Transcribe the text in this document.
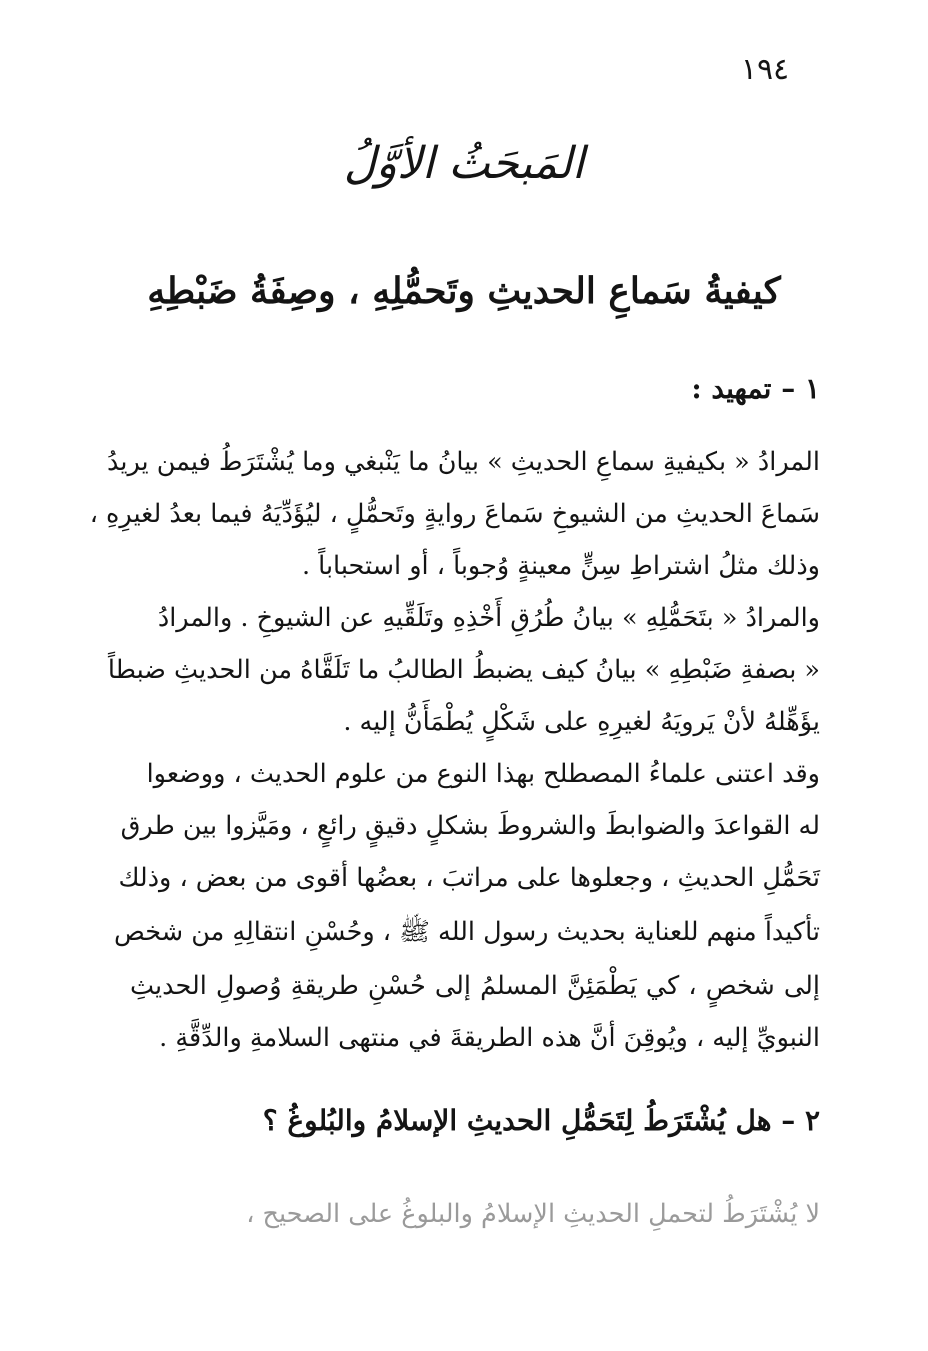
١٩٤
المَبحَثُ الأوَّلُ
كيفيةُ سَماعِ الحديثِ وتَحمُّلِهِ ، وصِفَةُ ضَبْطِهِ
١ – تمهيد :
المرادُ « بكيفيةِ سماعِ الحديثِ » بيانُ ما يَنْبغي وما يُشْتَرَطُ فيمن يريدُ
سَماعَ الحديثِ من الشيوخِ سَماعَ روايةٍ وتَحمُّلٍ ، ليُؤَدِّيَهُ فيما بعدُ لغيرِهِ ،
وذلك مثلُ اشتراطِ سِنٍّ معينةٍ وُجوباً ، أو استحباباً .
والمرادُ « بتَحَمُّلِهِ » بيانُ طُرُقِ أَخْذِهِ وتَلَقِّيهِ عن الشيوخِ . والمرادُ
« بصفةِ ضَبْطِهِ » بيانُ كيف يضبطُ الطالبُ ما تَلَقَّاهُ من الحديثِ ضبطاً
يؤَهِّلهُ لأنْ يَرويَهُ لغيرِهِ على شَكْلٍ يُطْمَأَنُّ إليه .
وقد اعتنى علماءُ المصطلح بهذا النوع من علوم الحديث ، ووضعوا
له القواعدَ والضوابطَ والشروطَ بشكلٍ دقيقٍ رائعٍ ، ومَيَّزوا بين طرق
تَحَمُّلِ الحديثِ ، وجعلوها على مراتبَ ، بعضُها أقوى من بعض ، وذلك
تأكيداً منهم للعناية بحديث رسول الله ﷺ ، وحُسْنِ انتقالِهِ من شخص
إلى شخصٍ ، كي يَطْمَئِنَّ المسلمُ إلى حُسْنِ طريقةِ وُصولِ الحديثِ
النبويِّ إليه ، ويُوقِنَ أنَّ هذه الطريقةَ في منتهى السلامةِ والدِّقَّةِ .
٢ – هل يُشْتَرَطُ لِتَحَمُّلِ الحديثِ الإسلامُ والبُلوغُ ؟
لا يُشْتَرَطُ لتحملِ الحديثِ الإسلامُ والبلوغُ على الصحيح ،
